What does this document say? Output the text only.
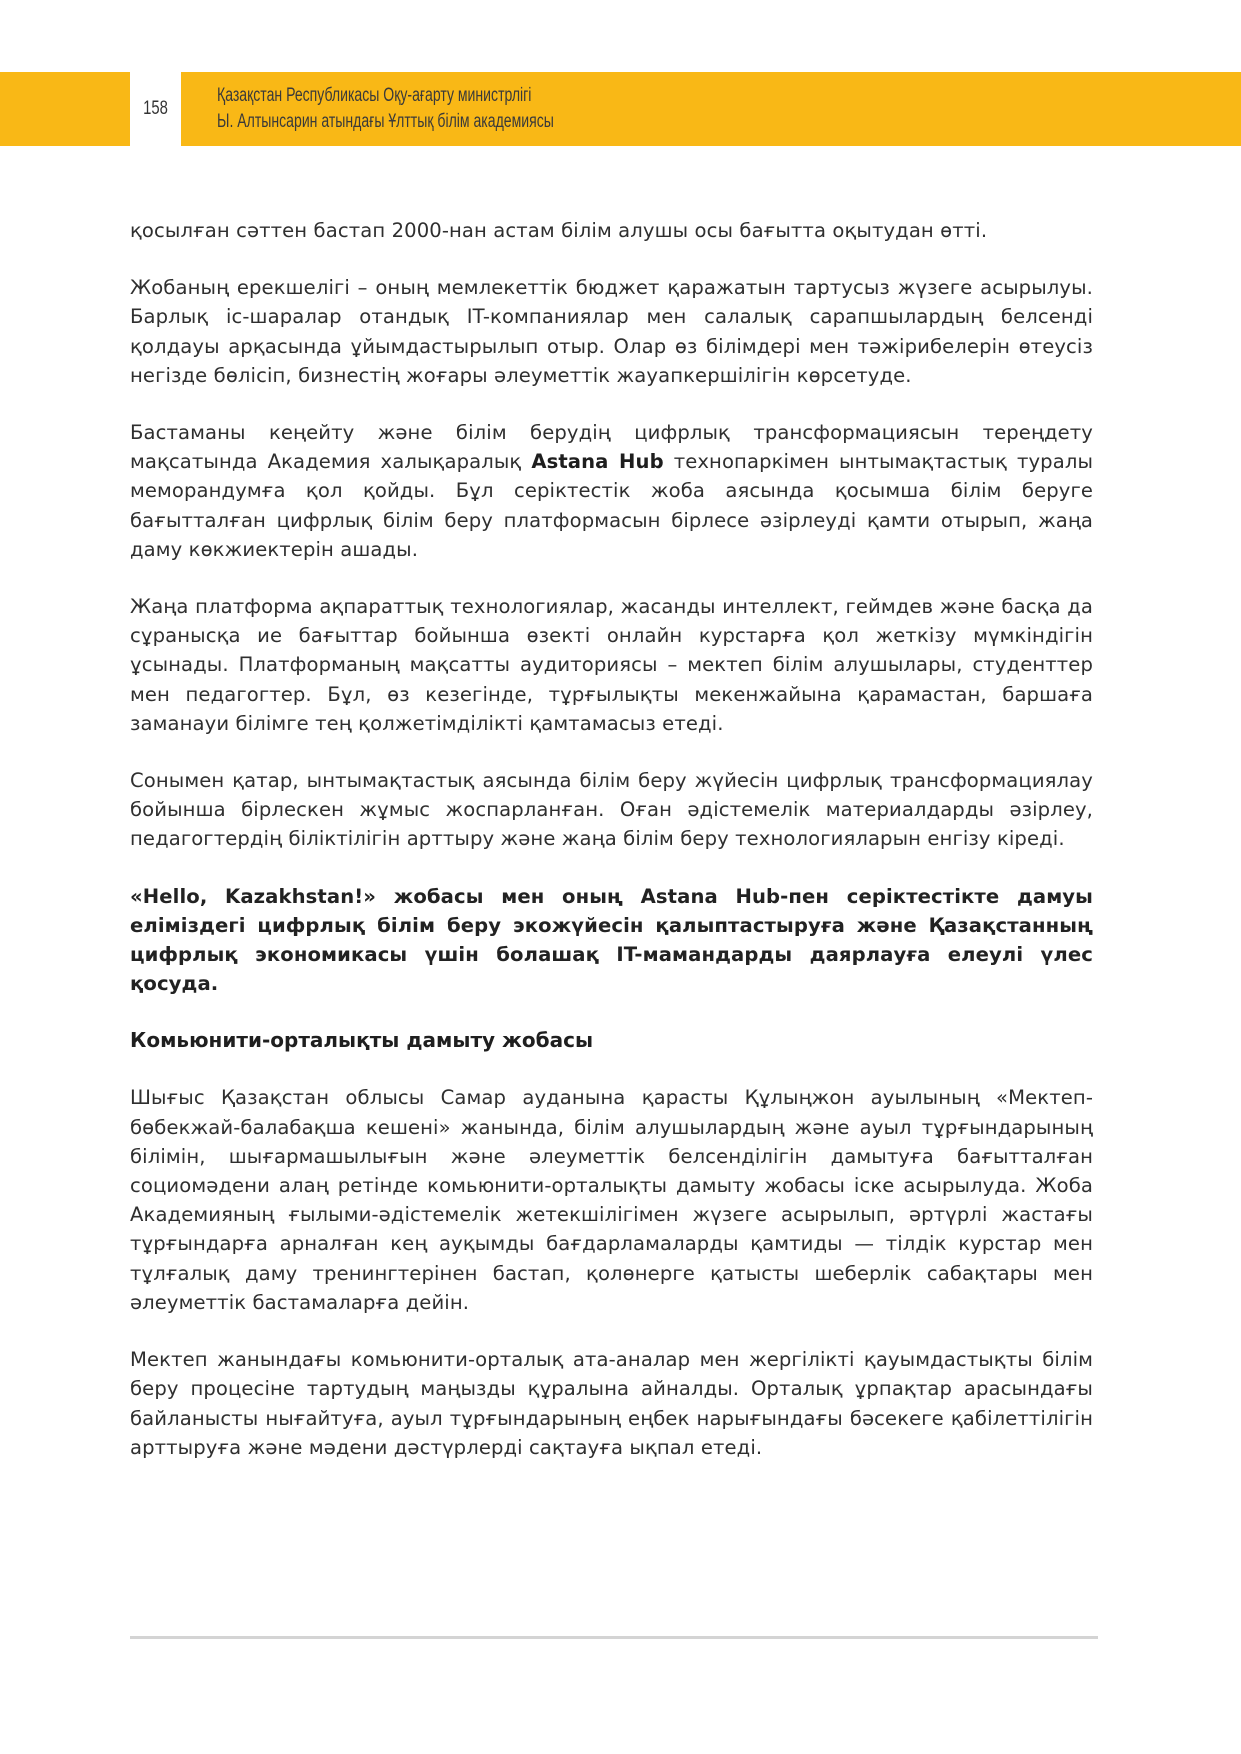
158
Қазақстан Республикасы Оқу-ағарту министрлігі
Ы. Алтынсарин атындағы Ұлттық білім академиясы

қосылған сәттен бастап 2000-нан астам білім алушы осы бағытта оқытудан өтті.

Жобаның ерекшелігі – оның мемлекеттік бюджет қаражатын тартусыз жүзеге асырылуы. Барлық іс-шаралар отандық IT-компаниялар мен салалық сарапшылардың белсенді қолдауы арқасында ұйымдастырылып отыр. Олар өз білімдері мен тәжірибелерін өтеусіз негізде бөлісіп, бизнестің жоғары әлеуметтік жауапкершілігін көрсетуде.

Бастаманы кеңейту және білім берудің цифрлық трансформациясын тереңдету мақсатында Академия халықаралық Astana Hub технопаркімен ынтымақтастық туралы меморандумға қол қойды. Бұл серіктестік жоба аясында қосымша білім беруге бағытталған цифрлық білім беру платформасын бірлесе әзірлеуді қамти отырып, жаңа даму көкжиектерін ашады.

Жаңа платформа ақпараттық технологиялар, жасанды интеллект, геймдев және басқа да сұранысқа ие бағыттар бойынша өзекті онлайн курстарға қол жеткізу мүмкіндігін ұсынады. Платформаның мақсатты аудиториясы – мектеп білім алушылары, студенттер мен педагогтер. Бұл, өз кезегінде, тұрғылықты мекенжайына қарамастан, баршаға заманауи білімге тең қолжетімділікті қамтамасыз етеді.

Сонымен қатар, ынтымақтастық аясында білім беру жүйесін цифрлық трансформациялау бойынша бірлескен жұмыс жоспарланған. Оған әдістемелік материалдарды әзірлеу, педагогтердің біліктілігін арттыру және жаңа білім беру технологияларын енгізу кіреді.

«Hello, Kazakhstan!» жобасы мен оның Astana Hub-пен серіктестікте дамуы еліміздегі цифрлық білім беру экожүйесін қалыптастыруға және Қазақстанның цифрлық экономикасы үшін болашақ IT-мамандарды даярлауға елеулі үлес қосуда.

Комьюнити-орталықты дамыту жобасы

Шығыс Қазақстан облысы Самар ауданына қарасты Құлыңжон ауылының «Мектеп-бөбекжай-балабақша кешені» жанында, білім алушылардың және ауыл тұрғындарының білімін, шығармашылығын және әлеуметтік белсенділігін дамытуға бағытталған социомәдени алаң ретінде комьюнити-орталықты дамыту жобасы іске асырылуда. Жоба Академияның ғылыми-әдістемелік жетекшілігімен жүзеге асырылып, әртүрлі жастағы тұрғындарға арналған кең ауқымды бағдарламаларды қамтиды — тілдік курстар мен тұлғалық даму тренингтерінен бастап, қолөнерге қатысты шеберлік сабақтары мен әлеуметтік бастамаларға дейін.

Мектеп жанындағы комьюнити-орталық ата-аналар мен жергілікті қауымдастықты білім беру процесіне тартудың маңызды құралына айналды. Орталық ұрпақтар арасындағы байланысты нығайтуға, ауыл тұрғындарының еңбек нарығындағы бәсекеге қабілеттілігін арттыруға және мәдени дәстүрлерді сақтауға ықпал етеді.
